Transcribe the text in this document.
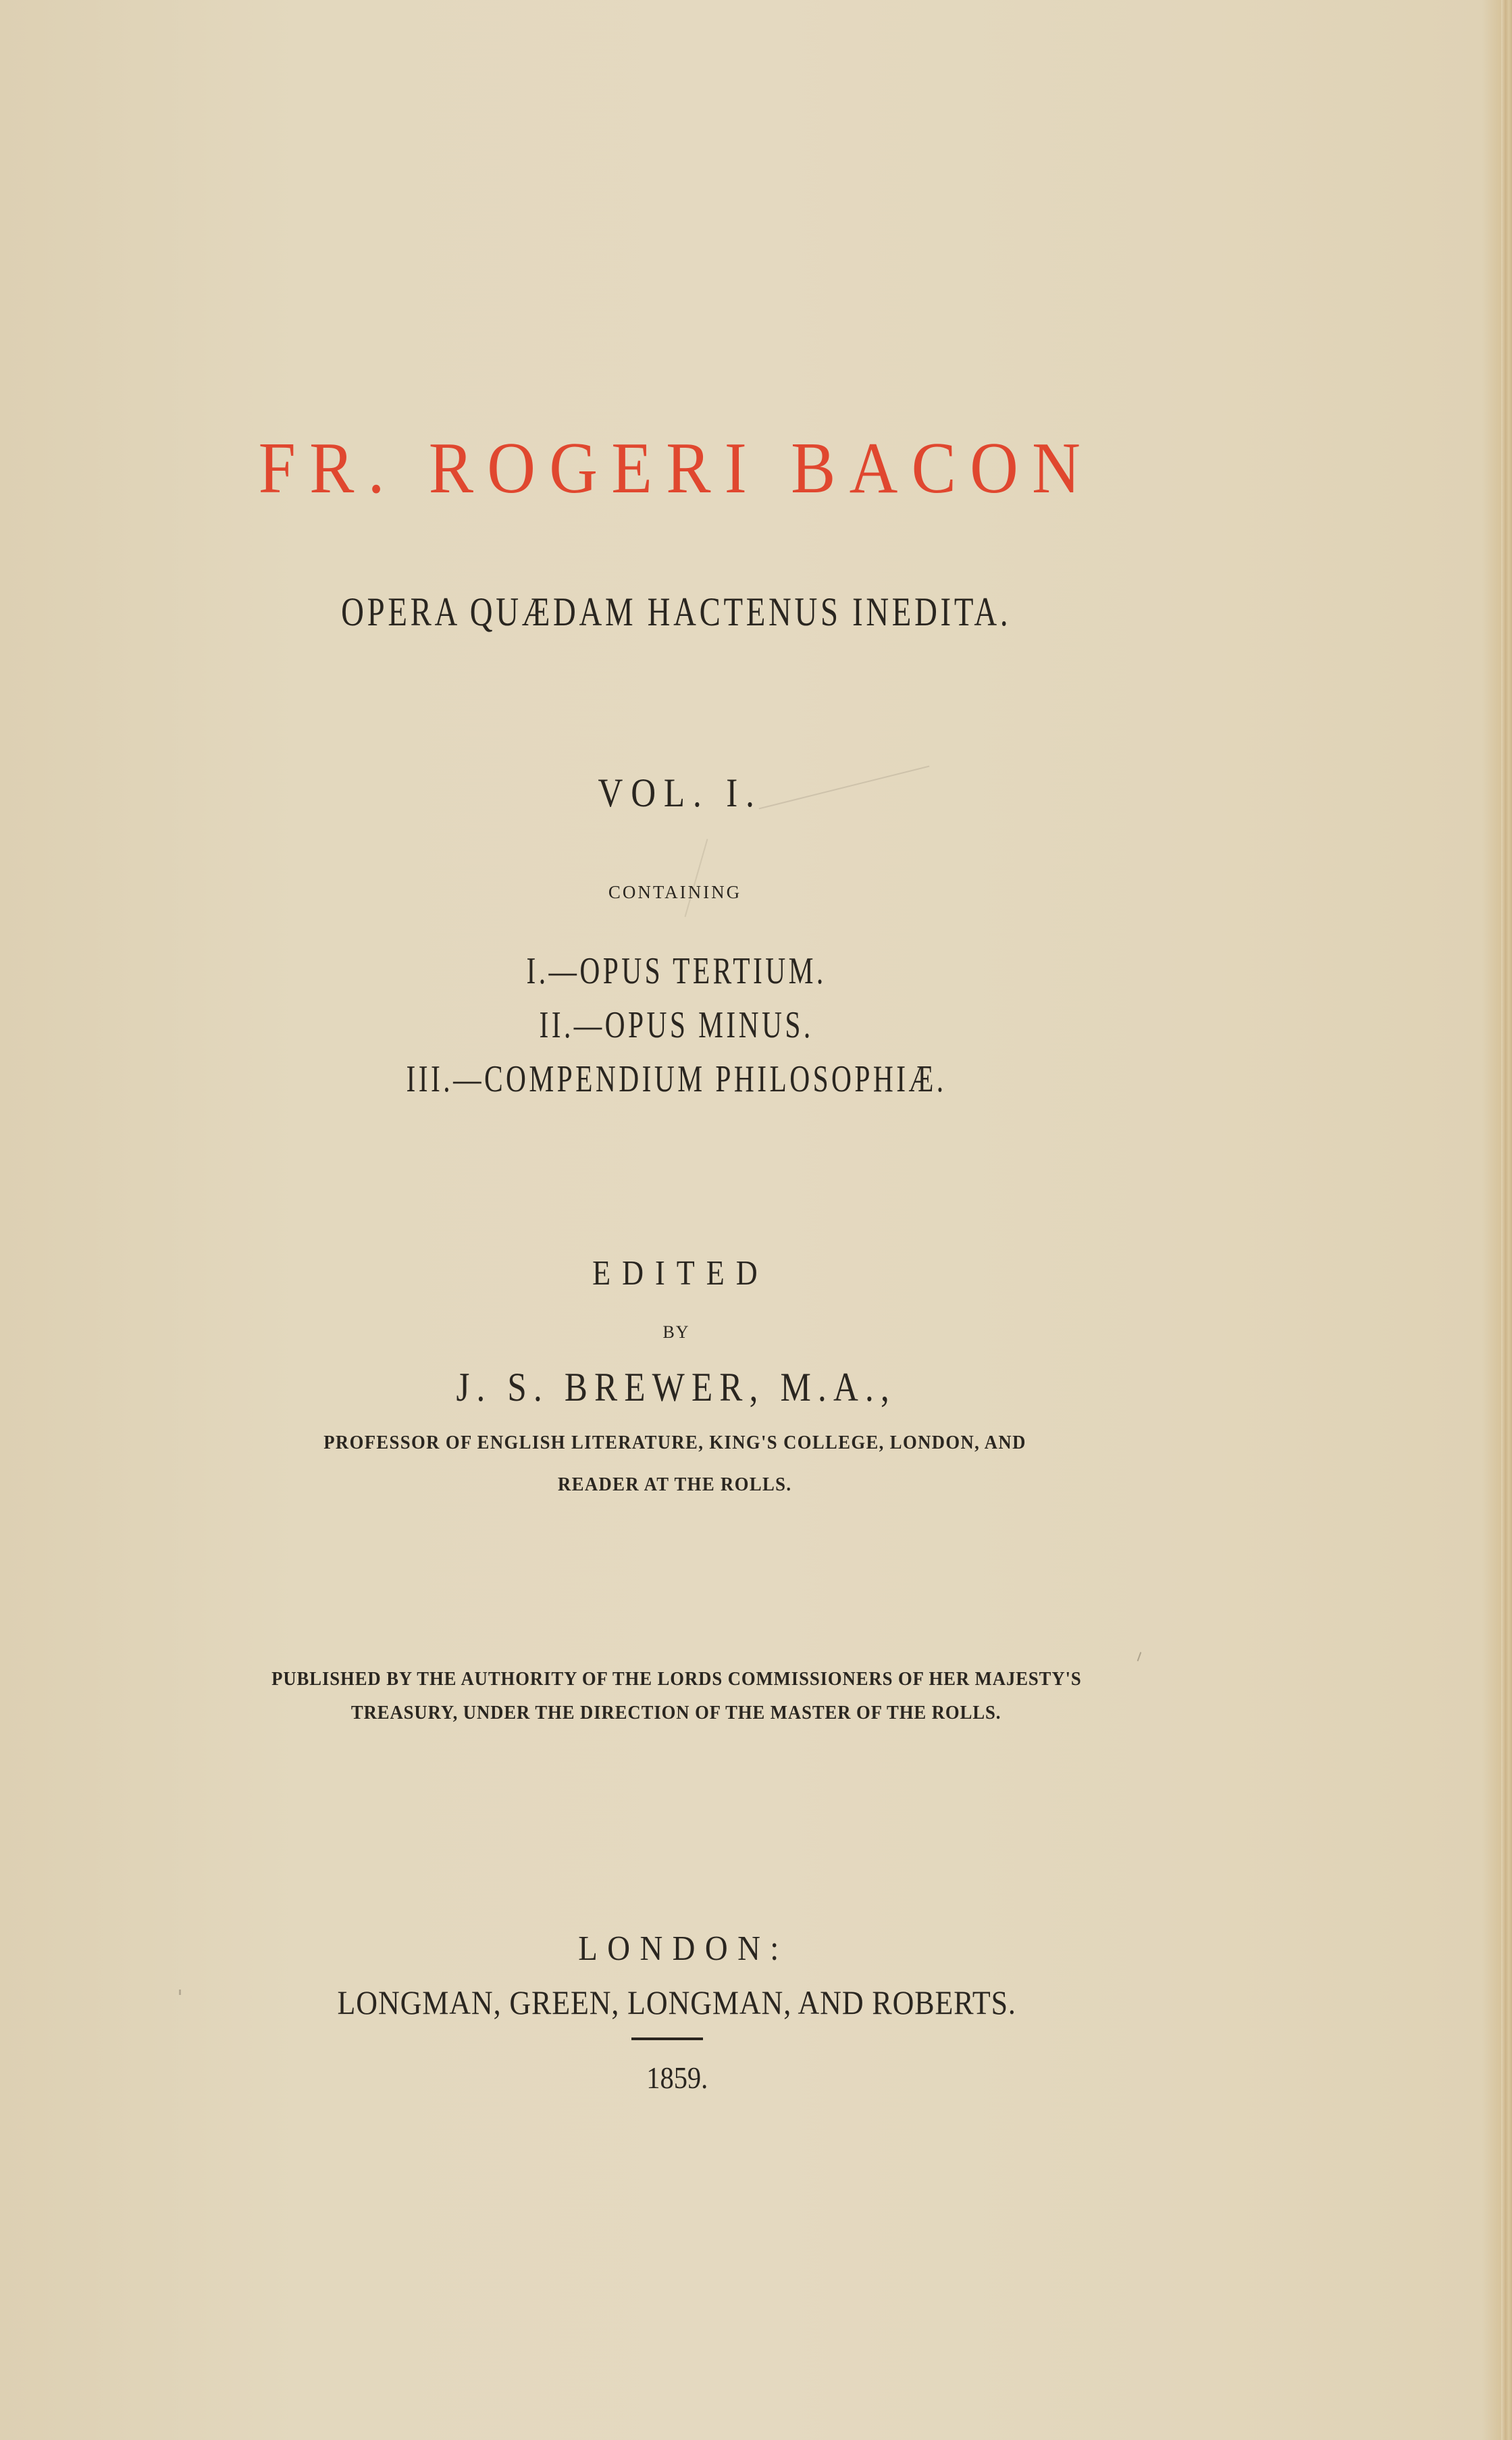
FR. ROGERI BACON
OPERA QUÆDAM HACTENUS INEDITA.
VOL. I.
CONTAINING
I.—OPUS TERTIUM.
II.—OPUS MINUS.
III.—COMPENDIUM PHILOSOPHIÆ.
EDITED
BY
J. S. BREWER, M.A.,
PROFESSOR OF ENGLISH LITERATURE, KING'S COLLEGE, LONDON, AND
READER AT THE ROLLS.
PUBLISHED BY THE AUTHORITY OF THE LORDS COMMISSIONERS OF HER MAJESTY'S
TREASURY, UNDER THE DIRECTION OF THE MASTER OF THE ROLLS.
LONDON:
LONGMAN, GREEN, LONGMAN, AND ROBERTS.
1859.
